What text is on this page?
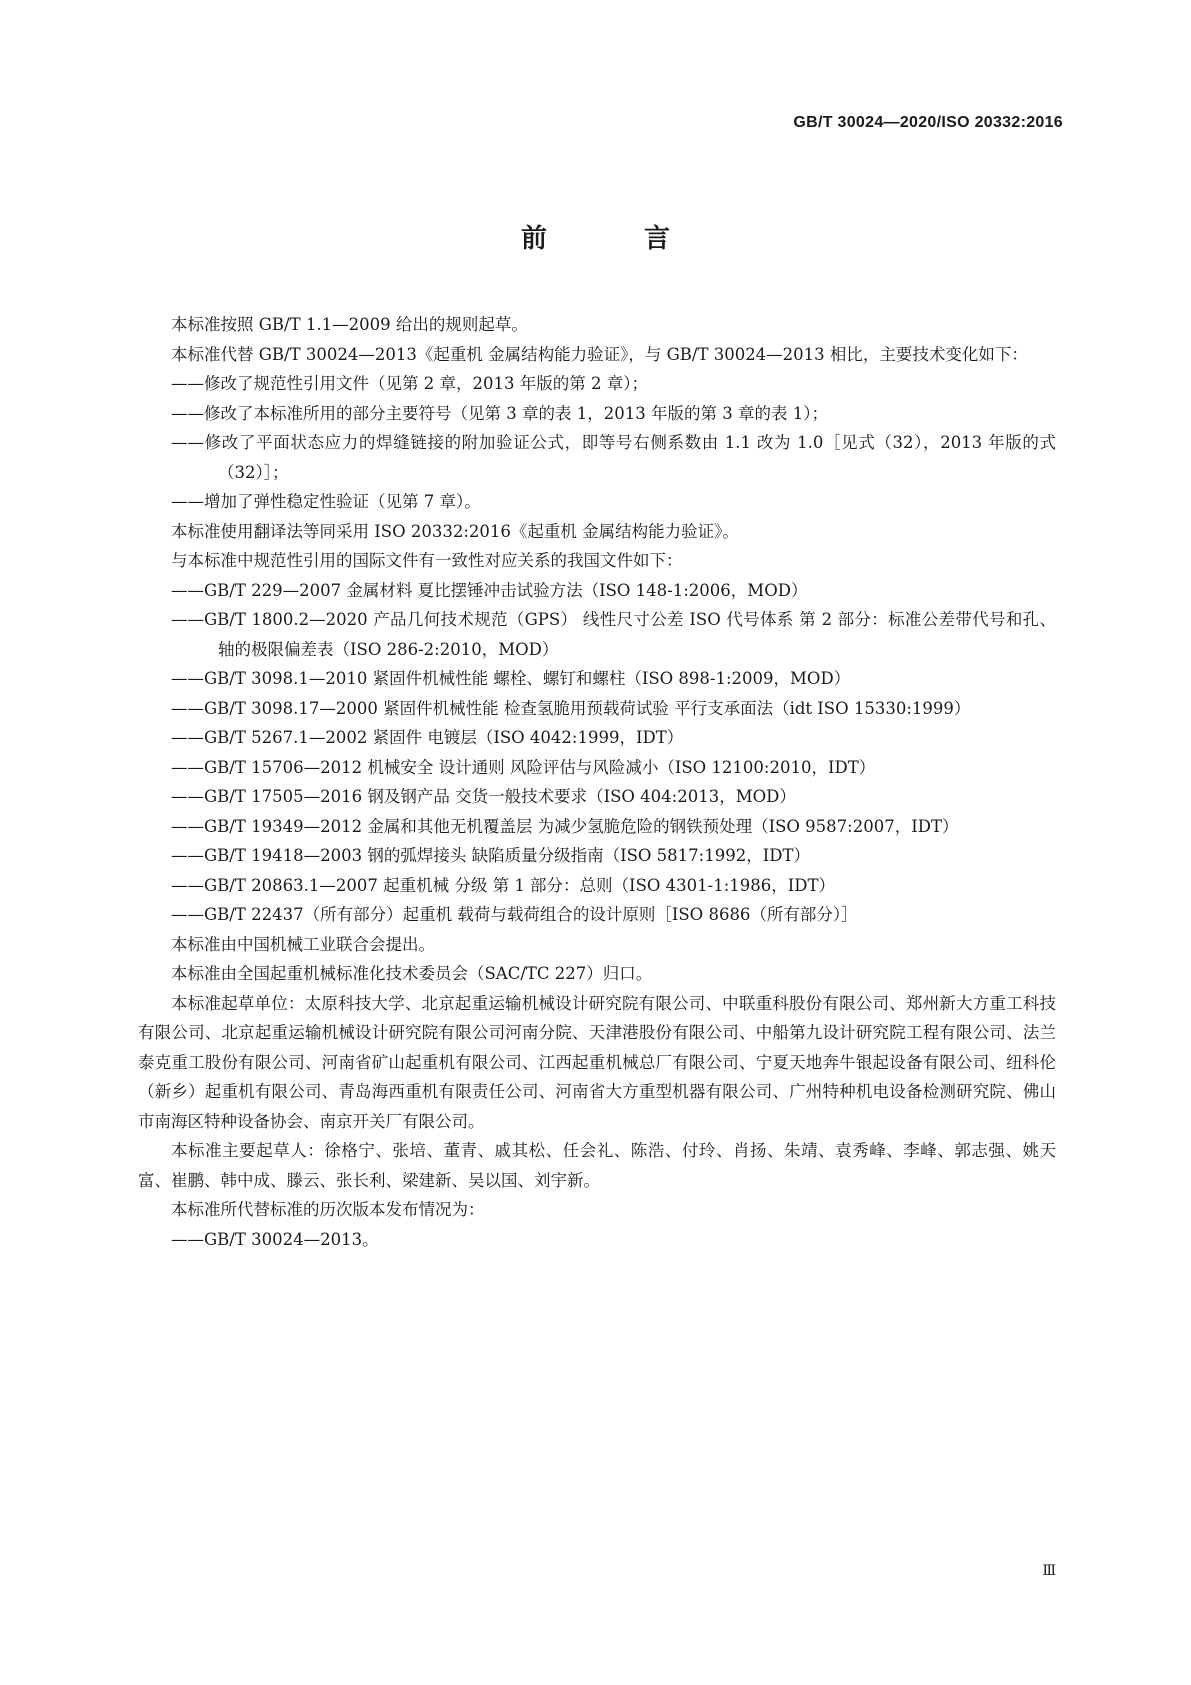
GB/T 30024—2020/ISO 20332:2016
前 言

本标准按照 GB/T 1.1—2009 给出的规则起草。

本标准代替 GB/T 30024—2013《起重机 金属结构能力验证》，与 GB/T 30024—2013 相比，主要技术变化如下：

——修改了规范性引用文件（见第 2 章，2013 年版的第 2 章）；

——修改了本标准所用的部分主要符号（见第 3 章的表 1，2013 年版的第 3 章的表 1）；

——修改了平面状态应力的焊缝链接的附加验证公式，即等号右侧系数由 1.1 改为 1.0［见式（32），2013 年版的式（32）］；

——增加了弹性稳定性验证（见第 7 章）。

本标准使用翻译法等同采用 ISO 20332:2016《起重机 金属结构能力验证》。

与本标准中规范性引用的国际文件有一致性对应关系的我国文件如下：

——GB/T 229—2007 金属材料 夏比摆锤冲击试验方法（ISO 148-1:2006，MOD）

——GB/T 1800.2—2020 产品几何技术规范（GPS） 线性尺寸公差 ISO 代号体系 第 2 部分：标准公差带代号和孔、轴的极限偏差表（ISO 286-2:2010，MOD）

——GB/T 3098.1—2010 紧固件机械性能 螺栓、螺钉和螺柱（ISO 898-1:2009，MOD）

——GB/T 3098.17—2000 紧固件机械性能 检查氢脆用预载荷试验 平行支承面法（idt ISO 15330:1999）

——GB/T 5267.1—2002 紧固件 电镀层（ISO 4042:1999，IDT）

——GB/T 15706—2012 机械安全 设计通则 风险评估与风险减小（ISO 12100:2010，IDT）

——GB/T 17505—2016 钢及钢产品 交货一般技术要求（ISO 404:2013，MOD）

——GB/T 19349—2012 金属和其他无机覆盖层 为减少氢脆危险的钢铁预处理（ISO 9587:2007，IDT）

——GB/T 19418—2003 钢的弧焊接头 缺陷质量分级指南（ISO 5817:1992，IDT）

——GB/T 20863.1—2007 起重机械 分级 第 1 部分：总则（ISO 4301-1:1986，IDT）

——GB/T 22437（所有部分）起重机 载荷与载荷组合的设计原则［ISO 8686（所有部分）］

本标准由中国机械工业联合会提出。

本标准由全国起重机械标准化技术委员会（SAC/TC 227）归口。

本标准起草单位：太原科技大学、北京起重运输机械设计研究院有限公司、中联重科股份有限公司、郑州新大方重工科技有限公司、北京起重运输机械设计研究院有限公司河南分院、天津港股份有限公司、中船第九设计研究院工程有限公司、法兰泰克重工股份有限公司、河南省矿山起重机有限公司、江西起重机械总厂有限公司、宁夏天地奔牛银起设备有限公司、纽科伦（新乡）起重机有限公司、青岛海西重机有限责任公司、河南省大方重型机器有限公司、广州特种机电设备检测研究院、佛山市南海区特种设备协会、南京开关厂有限公司。

本标准主要起草人：徐格宁、张培、董青、戚其松、任会礼、陈浩、付玲、肖扬、朱靖、袁秀峰、李峰、郭志强、姚天富、崔鹏、韩中成、滕云、张长利、梁建新、吴以国、刘宇新。

本标准所代替标准的历次版本发布情况为：

——GB/T 30024—2013。

Ⅲ
